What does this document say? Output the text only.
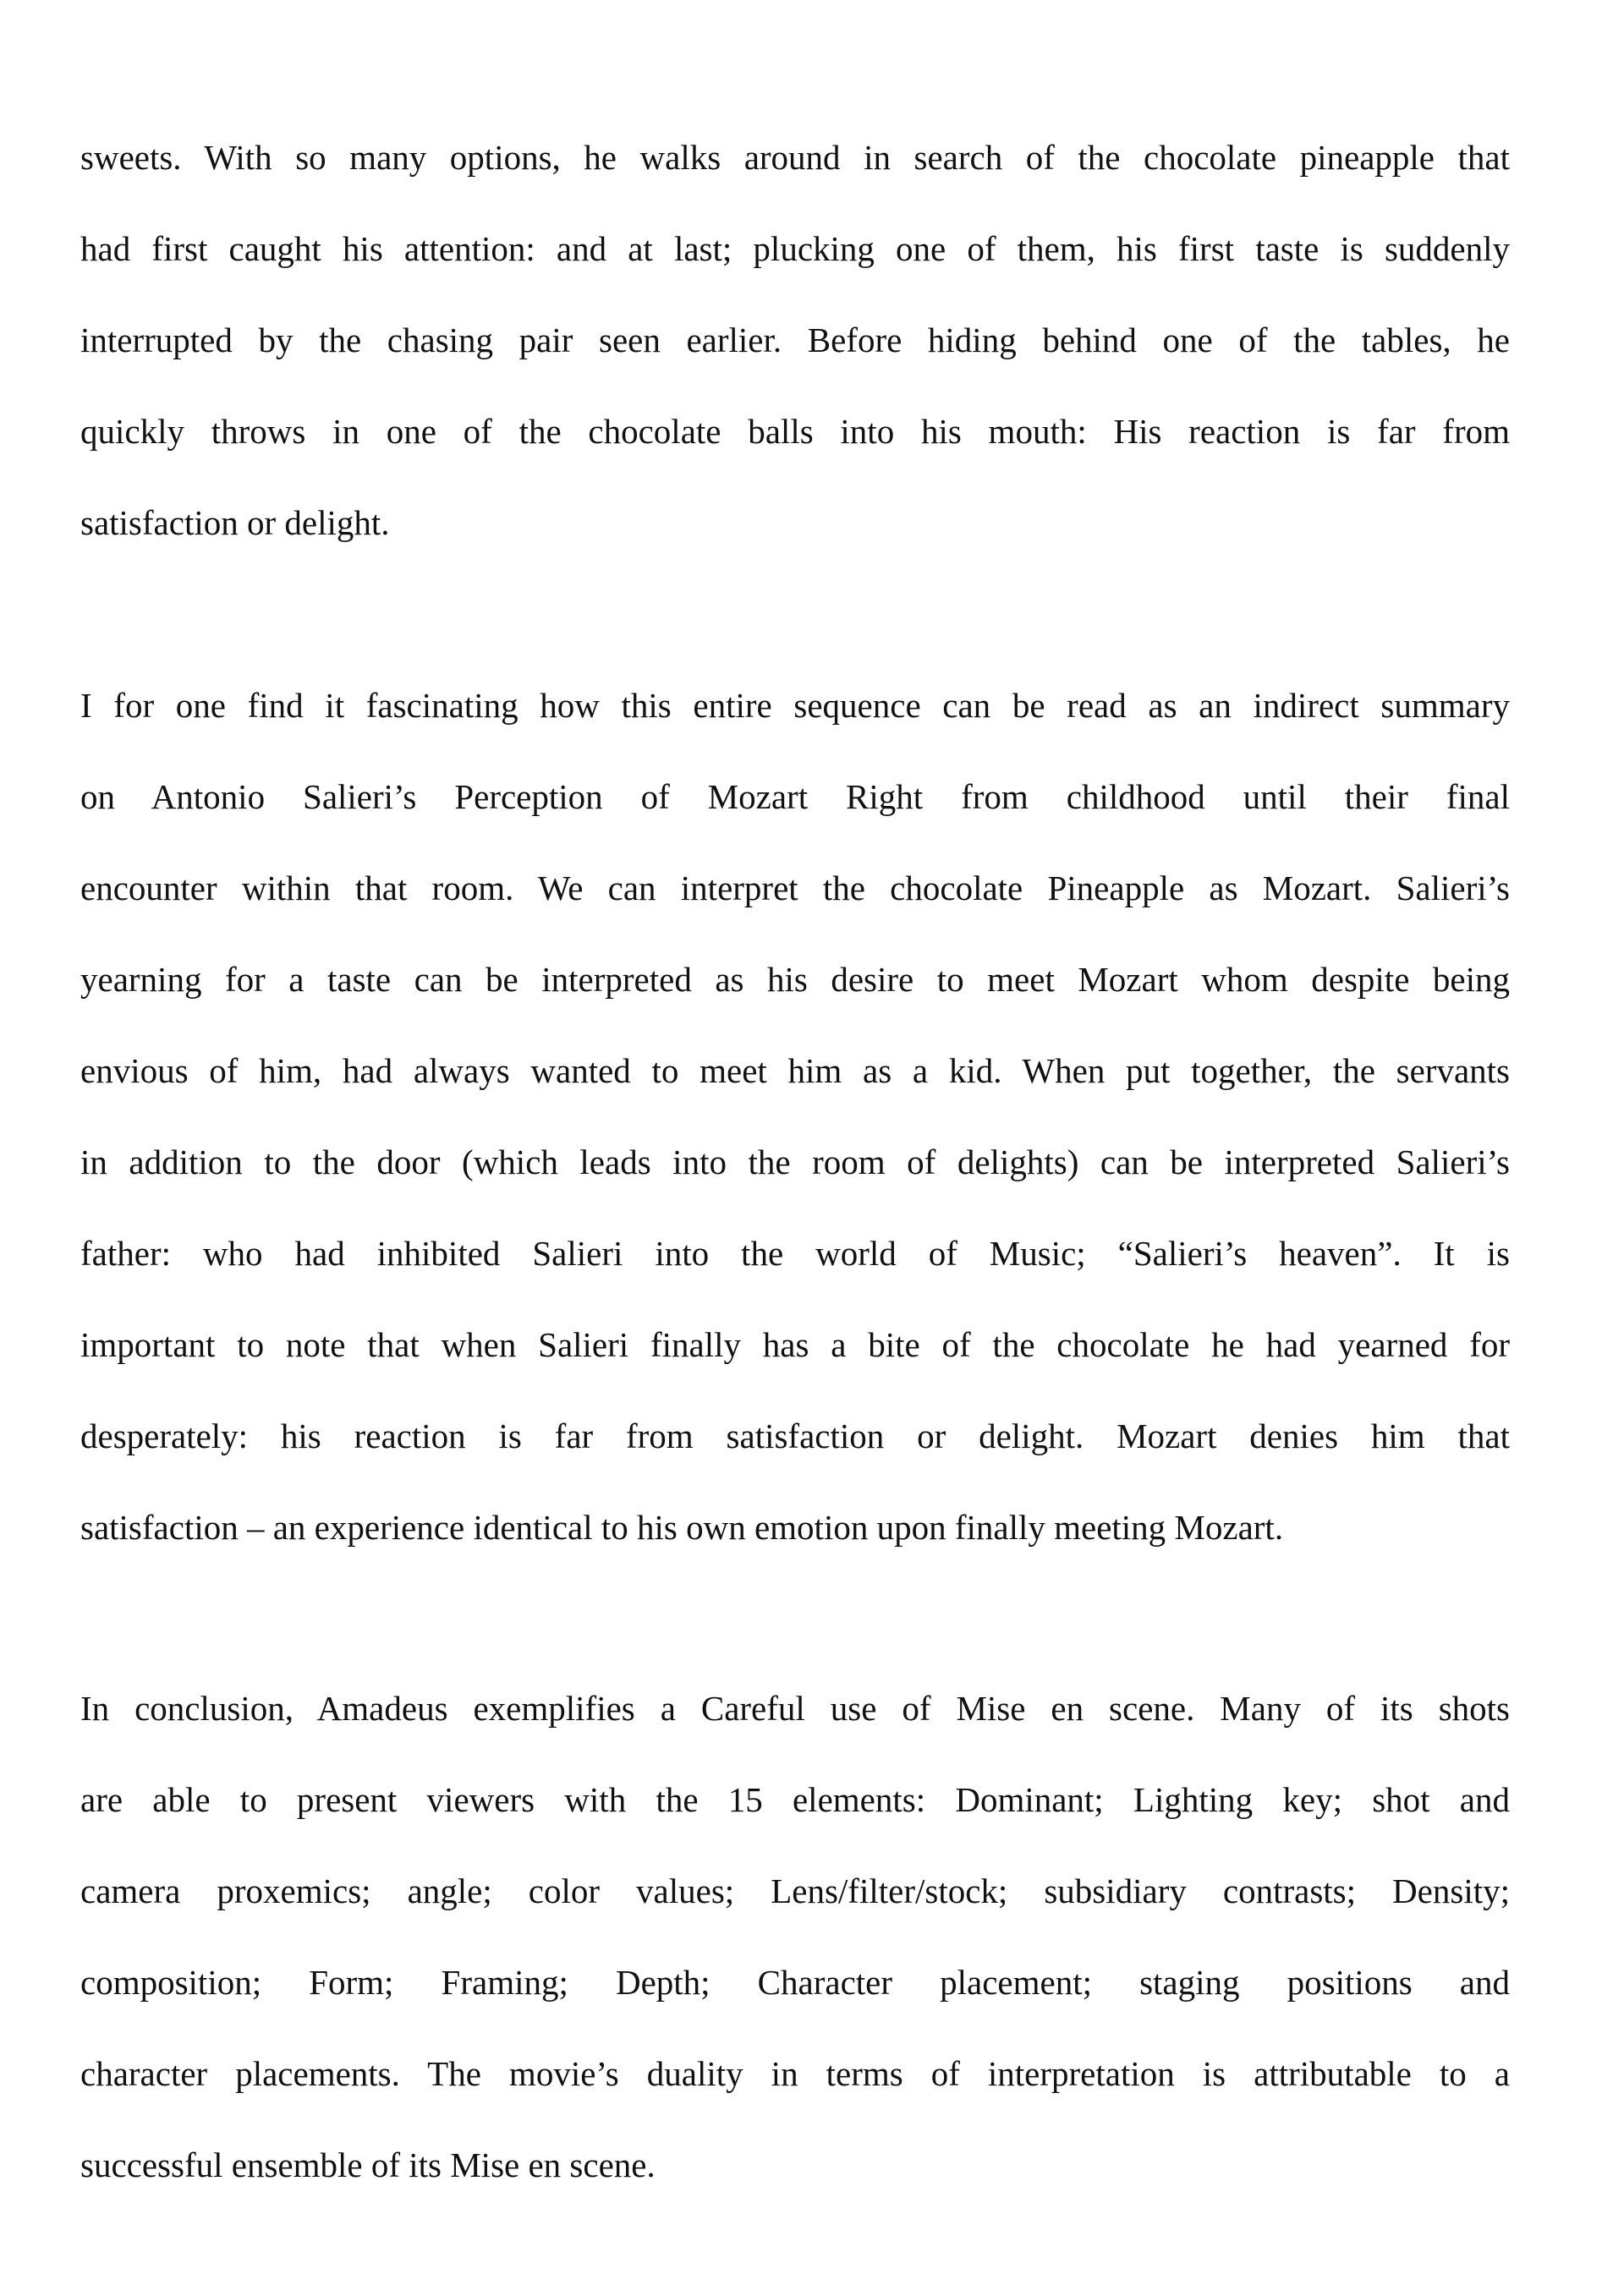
sweets. With so many options, he walks around in search of the chocolate pineapple that
had first caught his attention: and at last; plucking one of them, his first taste is suddenly
interrupted by the chasing pair seen earlier. Before hiding behind one of the tables, he
quickly throws in one of the chocolate balls into his mouth: His reaction is far from
satisfaction or delight.
I for one find it fascinating how this entire sequence can be read as an indirect summary
on Antonio Salieri’s Perception of Mozart Right from childhood until their final
encounter within that room. We can interpret the chocolate Pineapple as Mozart. Salieri’s
yearning for a taste can be interpreted as his desire to meet Mozart whom despite being
envious of him, had always wanted to meet him as a kid. When put together, the servants
in addition to the door (which leads into the room of delights) can be interpreted Salieri’s
father: who had inhibited Salieri into the world of Music; “Salieri’s heaven”. It is
important to note that when Salieri finally has a bite of the chocolate he had yearned for
desperately: his reaction is far from satisfaction or delight. Mozart denies him that
satisfaction – an experience identical to his own emotion upon finally meeting Mozart.
In conclusion, Amadeus exemplifies a Careful use of Mise en scene. Many of its shots
are able to present viewers with the 15 elements: Dominant; Lighting key; shot and
camera proxemics; angle; color values; Lens/filter/stock; subsidiary contrasts; Density;
composition; Form; Framing; Depth; Character placement; staging positions and
character placements. The movie’s duality in terms of interpretation is attributable to a
successful ensemble of its Mise en scene.
